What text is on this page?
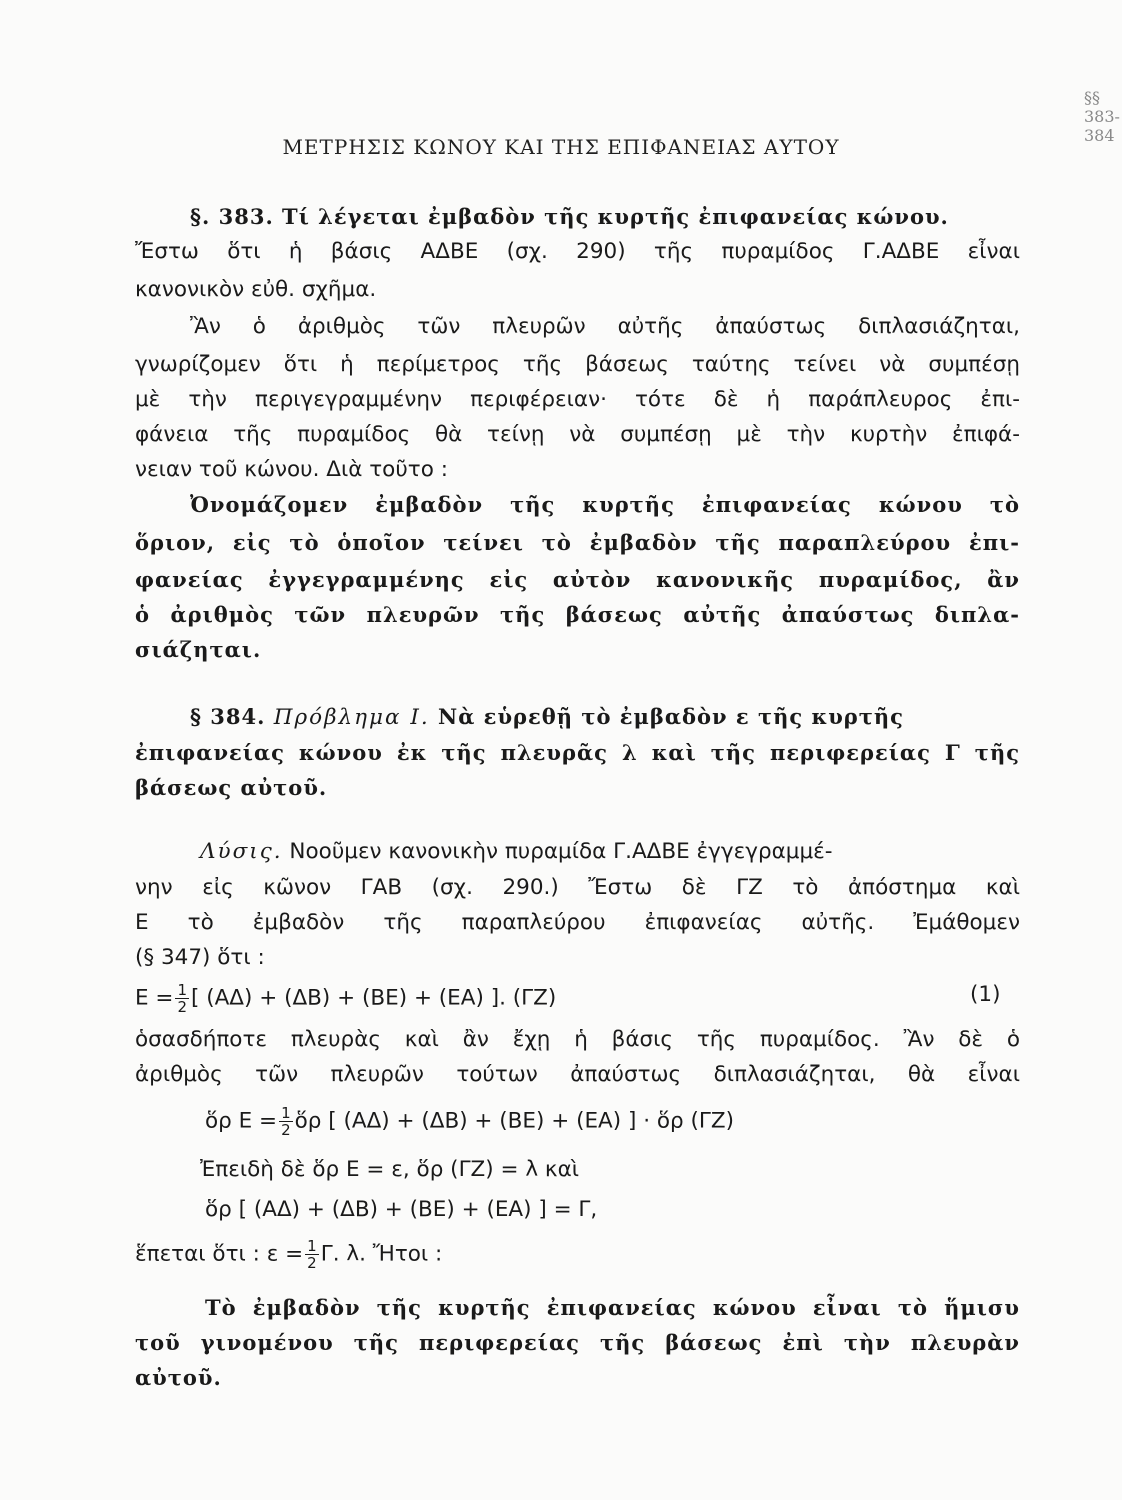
§§ 383-384
ΜΕΤΡΗΣΙΣ ΚΩΝΟΥ ΚΑΙ ΤΗΣ ΕΠΙΦΑΝΕΙΑΣ ΑΥΤΟΥ
§. 383. Τί λέγεται ἐμβαδὸν τῆς κυρτῆς ἐπιφανείας κώνου.
Ἔστω ὅτι ἡ βάσις ΑΔΒΕ (σχ. 290) τῆς πυραμίδος Γ.ΑΔΒΕ εἶναι
κανονικὸν εὐθ. σχῆμα.
Ἂν ὁ ἀριθμὸς τῶν πλευρῶν αὐτῆς ἀπαύστως διπλασιάζηται,
γνωρίζομεν ὅτι ἡ περίμετρος τῆς βάσεως ταύτης τείνει νὰ συμπέσῃ
μὲ τὴν περιγεγραμμένην περιφέρειαν· τότε δὲ ἡ παράπλευρος ἐπι-
φάνεια τῆς πυραμίδος θὰ τείνῃ νὰ συμπέσῃ μὲ τὴν κυρτὴν ἐπιφά-
νειαν τοῦ κώνου. Διὰ τοῦτο :
Ὀνομάζομεν ἐμβαδὸν τῆς κυρτῆς ἐπιφανείας κώνου τὸ
ὅριον, εἰς τὸ ὁποῖον τείνει τὸ ἐμβαδὸν τῆς παραπλεύρου ἐπι-
φανείας ἐγγεγραμμένης εἰς αὐτὸν κανονικῆς πυραμίδος, ἂν
ὁ ἀριθμὸς τῶν πλευρῶν τῆς βάσεως αὐτῆς ἀπαύστως διπλα-
σιάζηται.
§ 384. Πρόβλημα Ι. Νὰ εὑρεθῇ τὸ ἐμβαδὸν ε τῆς κυρτῆς
ἐπιφανείας κώνου ἐκ τῆς πλευρᾶς λ καὶ τῆς περιφερείας Γ τῆς
βάσεως αὐτοῦ.
Λύσις. Νοοῦμεν κανονικὴν πυραμίδα Γ.ΑΔΒΕ ἐγγεγραμμέ-
νην εἰς κῶνον ΓΑΒ (σχ. 290.) Ἔστω δὲ ΓΖ τὸ ἀπόστημα καὶ
Ε τὸ ἐμβαδὸν τῆς παραπλεύρου ἐπιφανείας αὐτῆς. Ἐμάθομεν
(§ 347) ὅτι :
$E = \frac{1}{2}$ [ (ΑΔ) + (ΔΒ) + (ΒΕ) + (ΕΑ) ]. (ΓΖ)	(1)
ὁσασδήποτε πλευρὰς καὶ ἂν ἔχῃ ἡ βάσις τῆς πυραμίδος. Ἂν δὲ ὁ
ἀριθμὸς τῶν πλευρῶν τούτων ἀπαύστως διπλασιάζηται, θὰ εἶναι
ὅρ $E = \frac{1}{2}$ ὅρ [ (ΑΔ) + (ΔΒ) + (ΒΕ) + (ΕΑ) ] · ὅρ (ΓΖ)
Ἐπειδὴ δὲ ὅρ Ε = ε, ὅρ (ΓΖ) = λ καὶ
ὅρ [ (ΑΔ) + (ΔΒ) + (ΒΕ) + (ΕΑ) ] = Γ,
ἕπεται ὅτι : $\varepsilon = \frac{1}{2} \Gamma$. λ. Ἤτοι :
Τὸ ἐμβαδὸν τῆς κυρτῆς ἐπιφανείας κώνου εἶναι τὸ ἥμισυ
τοῦ γινομένου τῆς περιφερείας τῆς βάσεως ἐπὶ τὴν πλευρὰν
αὐτοῦ.
